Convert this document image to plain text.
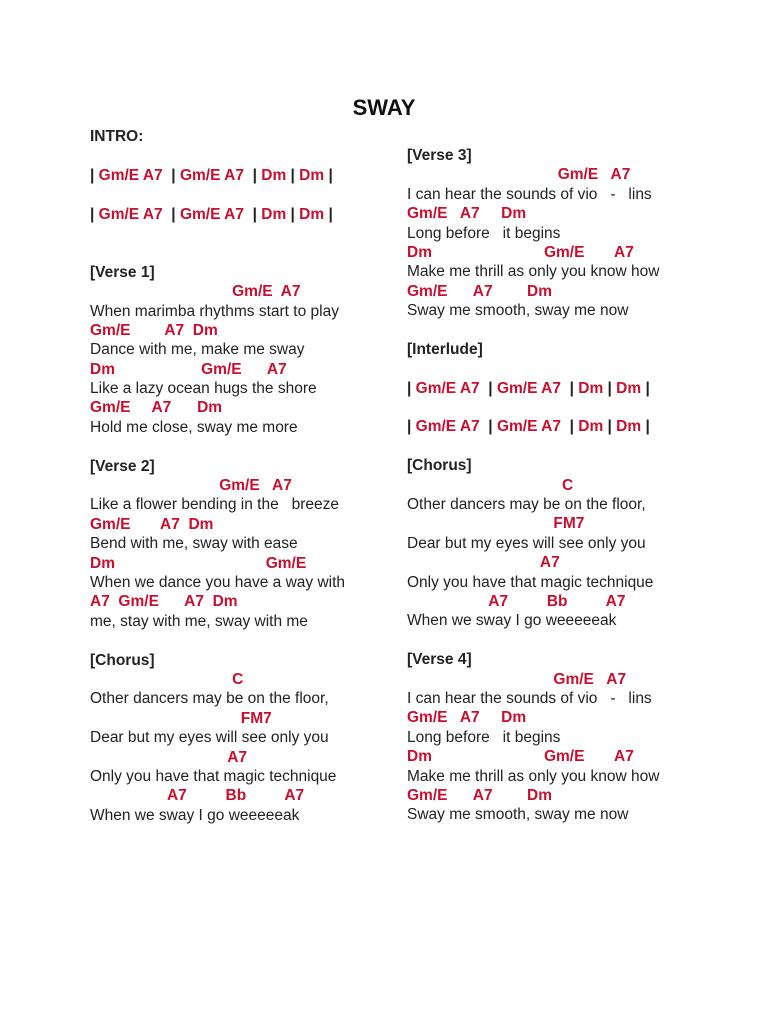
SWAY
INTRO:

| Gm/E A7  | Gm/E A7  | Dm | Dm |

| Gm/E A7  | Gm/E A7  | Dm | Dm |

[Verse 1]
Gm/E  A7
When marimba rhythms start to play
Gm/E        A7  Dm
Dance with me, make me sway
Dm                    Gm/E      A7
Like a lazy ocean hugs the shore
Gm/E     A7      Dm
Hold me close, sway me more

[Verse 2]
Gm/E   A7
Like a flower bending in the   breeze
Gm/E       A7  Dm
Bend with me, sway with ease
Dm                                   Gm/E
When we dance you have a way with
A7  Gm/E      A7  Dm
me, stay with me, sway with me

[Chorus]
C
Other dancers may be on the floor,
FM7
Dear but my eyes will see only you
A7
Only you have that magic technique
A7         Bb         A7
When we sway I go weeeeeak
[Verse 3]
Gm/E   A7
I can hear the sounds of vio   -   lins
Gm/E   A7     Dm
Long before   it begins
Dm                          Gm/E       A7
Make me thrill as only you know how
Gm/E      A7        Dm
Sway me smooth, sway me now

[Interlude]

| Gm/E A7  | Gm/E A7  | Dm | Dm |

| Gm/E A7  | Gm/E A7  | Dm | Dm |

[Chorus]
C
Other dancers may be on the floor,
FM7
Dear but my eyes will see only you
A7
Only you have that magic technique
A7         Bb         A7
When we sway I go weeeeeak

[Verse 4]
Gm/E   A7
I can hear the sounds of vio   -   lins
Gm/E   A7     Dm
Long before   it begins
Dm                          Gm/E       A7
Make me thrill as only you know how
Gm/E      A7        Dm
Sway me smooth, sway me now
